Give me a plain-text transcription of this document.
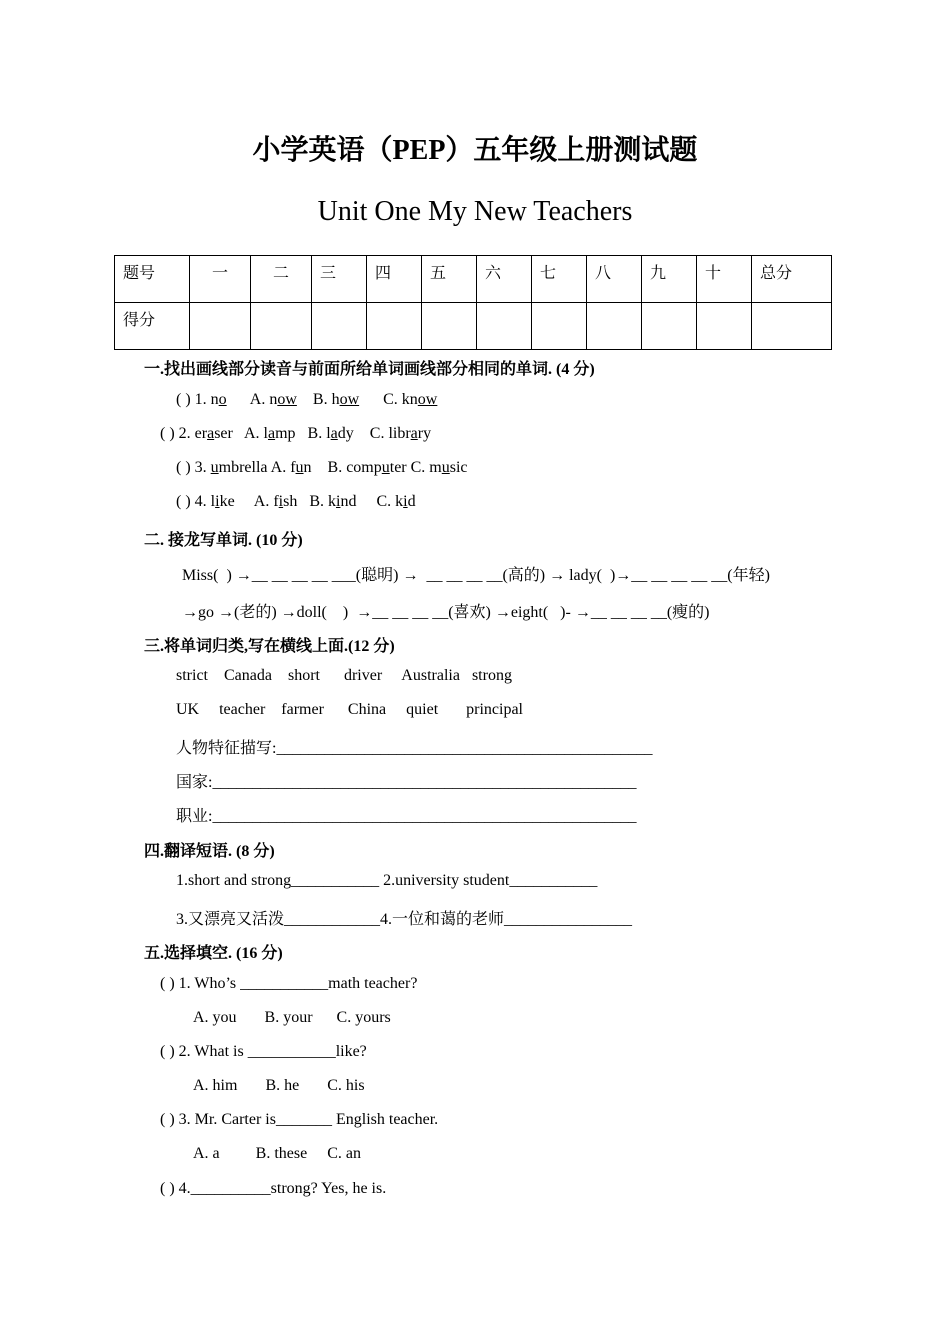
小学英语（PEP）五年级上册测试题
Unit One My New Teachers
题号	一	二	三	四	五	六	七	八	九	十	总分
得分											
一.找出画线部分读音与前面所给单词画线部分相同的单词. (4 分)
( ) 1. no      A. now    B. how      C. know
( ) 2. eraser   A. lamp   B. lady    C. library
( ) 3. umbrella A. fun    B. computer C. music
( ) 4. like     A. fish   B. kind     C. kid
二. 接龙写单词. (10 分)
Miss(  ) →__ __ __ __ ___(聪明) →  __ __ __ __(高的) → lady(  )→__ __ __ __ __(年轻)
→go →(老的) →doll(    )  →__ __ __ __(喜欢) →eight(   )- →__ __ __ __(瘦的)
三.将单词归类,写在横线上面.(12 分)
strict    Canada    short      driver     Australia   strong
UK     teacher    farmer      China     quiet       principal
人物特征描写:_______________________________________________
国家:_____________________________________________________
职业:_____________________________________________________
四.翻译短语. (8 分)
1.short and strong___________ 2.university student___________
3.又漂亮又活泼____________4.一位和蔼的老师________________
五.选择填空. (16 分)
( ) 1. Who’s ___________math teacher?
A. you       B. your      C. yours
( ) 2. What is ___________like?
A. him       B. he       C. his
( ) 3. Mr. Carter is_______ English teacher.
A. a         B. these     C. an
( ) 4.__________strong? Yes, he is.
